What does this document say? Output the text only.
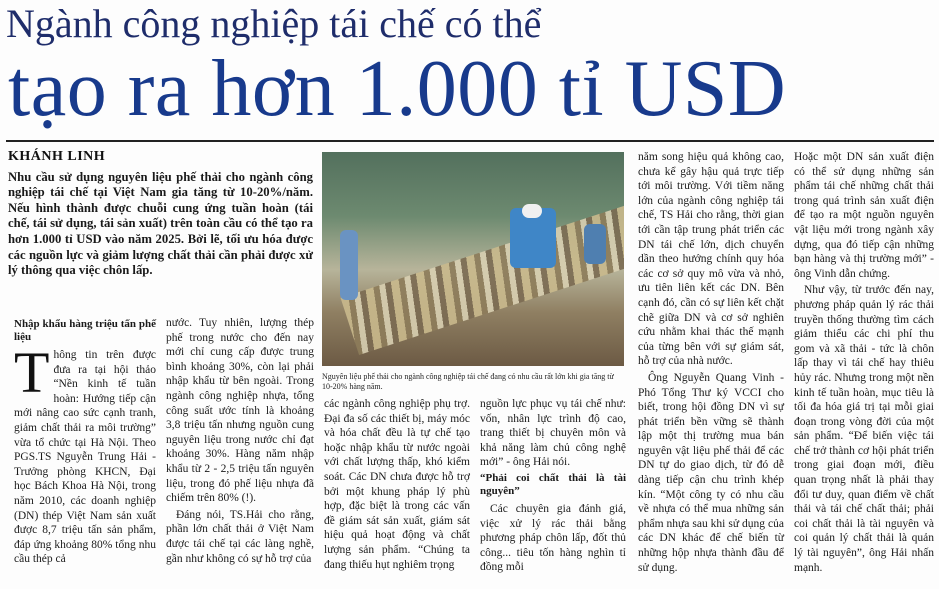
Ngành công nghiệp tái chế có thể
tạo ra hơn 1.000 tỉ USD
KHÁNH LINH
Nhu cầu sử dụng nguyên liệu phế thải cho ngành công nghiệp tái chế tại Việt Nam gia tăng từ 10-20%/năm. Nếu hình thành được chuỗi cung ứng tuần hoàn (tái chế, tái sử dụng, tái sản xuất) trên toàn cầu có thể tạo ra hơn 1.000 tỉ USD vào năm 2025. Bởi lẽ, tối ưu hóa được các nguồn lực và giảm lượng chất thải cần phải được xử lý thông qua việc chôn lấp.
Nhập khẩu hàng triệu tấn phế liệu
T hông tin trên được đưa ra tại hội thảo “Nền kinh tế tuần hoàn: Hướng tiếp cận mới nâng cao sức cạnh tranh, giảm chất thải ra môi trường” vừa tổ chức tại Hà Nội. Theo PGS.TS Nguyễn Trung Hải - Trưởng phòng KHCN, Đại học Bách Khoa Hà Nội, trong năm 2010, các doanh nghiệp (DN) thép Việt Nam sản xuất được 8,7 triệu tấn sản phẩm, đáp ứng khoảng 80% tổng nhu cầu thép cả

nước. Tuy nhiên, lượng thép phế trong nước cho đến nay mới chỉ cung cấp được trung bình khoảng 30%, còn lại phải nhập khẩu từ bên ngoài. Trong ngành công nghiệp nhựa, tổng công suất ước tính là khoảng 3,8 triệu tấn nhưng nguồn cung nguyên liệu trong nước chỉ đạt khoảng 30%. Hàng năm nhập khẩu từ 2 - 2,5 triệu tấn nguyên liệu, trong đó phế liệu nhựa đã chiếm trên 80% (!).

Đáng nói, TS.Hải cho rằng, phần lớn chất thải ở Việt Nam được tái chế tại các làng nghề, gần như không có sự hỗ trợ của

Nguyên liệu phế thải cho ngành công nghiệp tái chế đang có nhu cầu rất lớn khi gia tăng từ 10-20% hàng năm.

các ngành công nghiệp phụ trợ. Đại đa số các thiết bị, máy móc và hóa chất đều là tự chế tạo hoặc nhập khẩu từ nước ngoài với chất lượng thấp, khó kiểm soát. Các DN chưa được hỗ trợ bởi một khung pháp lý phù hợp, đặc biệt là trong các vấn đề giám sát sản xuất, giám sát hiệu quả hoạt động và chất lượng sản phẩm. “Chúng ta đang thiếu hụt nghiêm trọng

nguồn lực phục vụ tái chế như: vốn, nhân lực trình độ cao, trang thiết bị chuyên môn và khả năng làm chủ công nghệ mới” - ông Hải nói.

“Phải coi chất thải là tài nguyên”

Các chuyên gia đánh giá, việc xử lý rác thải bằng phương pháp chôn lấp, đốt thủ công... tiêu tốn hàng nghìn tỉ đồng mỗi

năm song hiệu quả không cao, chưa kể gây hậu quả trực tiếp tới môi trường. Với tiềm năng lớn của ngành công nghiệp tái chế, TS Hải cho rằng, thời gian tới cần tập trung phát triển các DN tái chế lớn, dịch chuyển dần theo hướng chính quy hóa các cơ sở quy mô vừa và nhỏ, ưu tiên liên kết các DN. Bên cạnh đó, cần có sự liên kết chặt chẽ giữa DN và cơ sở nghiên cứu nhằm khai thác thế mạnh của từng bên với sự giám sát, hỗ trợ của nhà nước.

Ông Nguyễn Quang Vinh - Phó Tổng Thư ký VCCI cho biết, trong hội đồng DN vì sự phát triển bền vững sẽ thành lập một thị trường mua bán nguyên vật liệu phế thải để các DN tự do giao dịch, từ đó dễ dàng tiếp cận chu trình khép kín. “Một công ty có nhu cầu về nhựa có thể mua những sản phẩm nhựa sau khi sử dụng của các DN khác để chế biến từ những hộp nhựa thành đầu để sử dụng.

Hoặc một DN sản xuất điện có thể sử dụng những sản phẩm tái chế những chất thải trong quá trình sản xuất điện để tạo ra một nguồn nguyên vật liệu mới trong ngành xây dựng, qua đó tiếp cận những bạn hàng và thị trường mới” - ông Vinh dẫn chứng.

Như vậy, từ trước đến nay, phương pháp quản lý rác thải truyền thống thường tìm cách giảm thiểu các chi phí thu gom và xã thải - tức là chôn lấp thay vì tái chế hay thiêu hủy rác. Nhưng trong một nền kinh tế tuần hoàn, mục tiêu là tối đa hóa giá trị tại mỗi giai đoạn trong vòng đời của một sản phẩm. “Để biến việc tái chế trở thành cơ hội phát triển trong giai đoạn mới, điều quan trọng nhất là phải thay đổi tư duy, quan điểm về chất thải và tái chế chất thải; phải coi chất thải là tài nguyên và coi quản lý chất thải là quản lý tài nguyên”, ông Hải nhấn mạnh.
